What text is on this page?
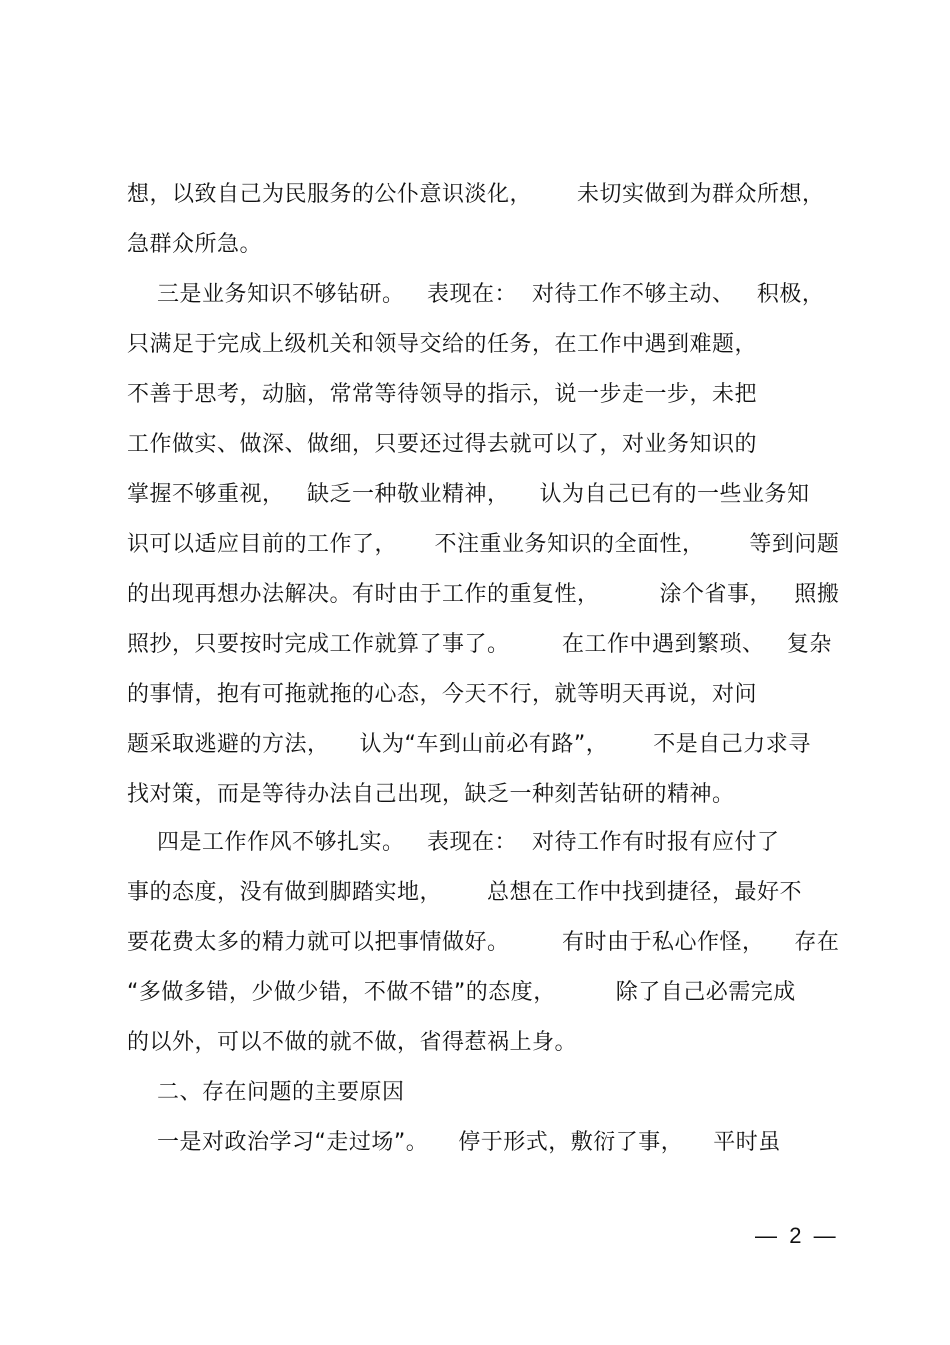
想，以致自己为民服务的公仆意识淡化，      未切实做到为群众所想，
急群众所急。
三是业务知识不够钻研。   表现在：  对待工作不够主动、   积极，
只满足于完成上级机关和领导交给的任务，在工作中遇到难题，
不善于思考，动脑，常常等待领导的指示，说一步走一步，未把
工作做实、做深、做细，只要还过得去就可以了，对业务知识的
掌握不够重视，   缺乏一种敬业精神，    认为自己已有的一些业务知
识可以适应目前的工作了，     不注重业务知识的全面性，      等到问题
的出现再想办法解决。有时由于工作的重复性，        涂个省事，   照搬
照抄，只要按时完成工作就算了事了。       在工作中遇到繁琐、   复杂
的事情，抱有可拖就拖的心态，今天不行，就等明天再说，对问
题采取逃避的方法，    认为“车到山前必有路”，      不是自己力求寻
找对策，而是等待办法自己出现，缺乏一种刻苦钻研的精神。
四是工作作风不够扎实。   表现在：  对待工作有时报有应付了
事的态度，没有做到脚踏实地，      总想在工作中找到捷径，最好不
要花费太多的精力就可以把事情做好。       有时由于私心作怪，    存在
“多做多错，少做少错，不做不错”的态度，        除了自己必需完成
的以外，可以不做的就不做，省得惹祸上身。
二、存在问题的主要原因
一是对政治学习“走过场”。    停于形式，敷衍了事，    平时虽
—  2  —
